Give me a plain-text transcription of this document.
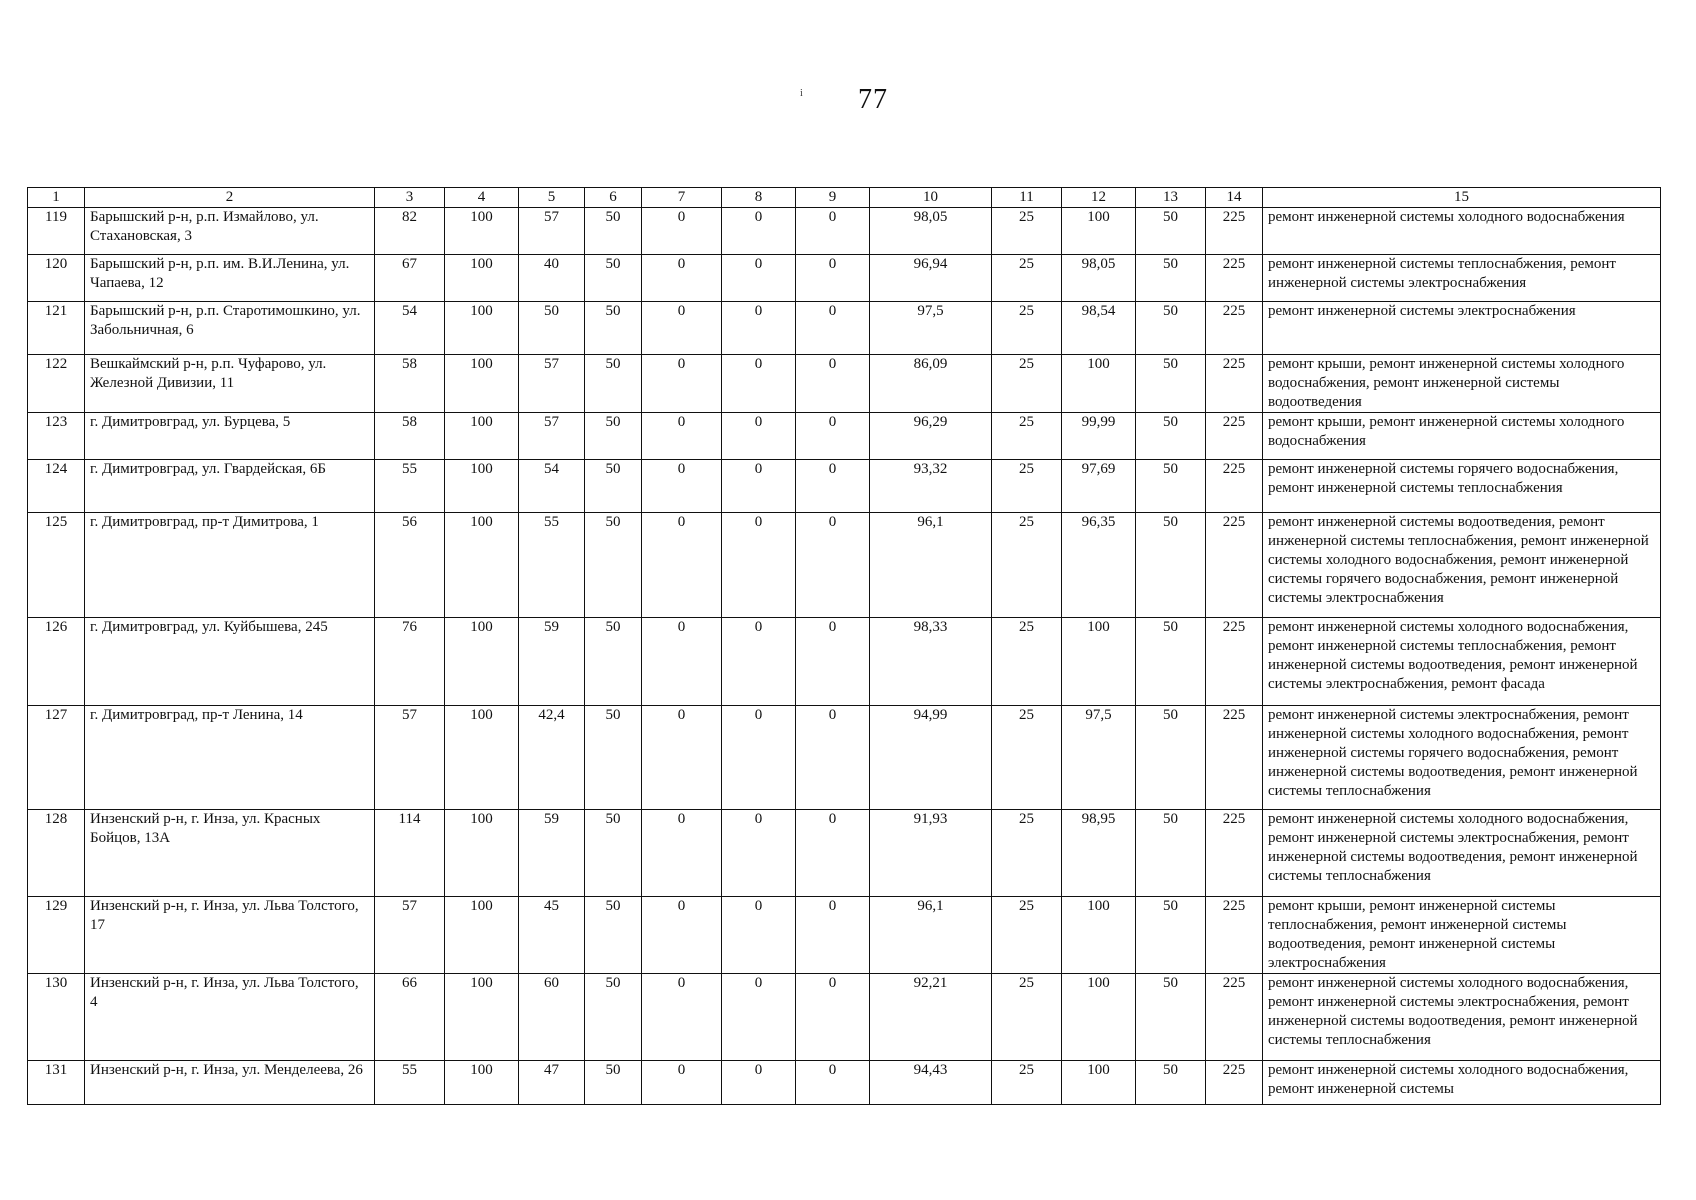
77
і
1	2	3	4	5	6	7	8	9	10	11	12	13	14	15
119	Барышский р-н, р.п. Измайлово, ул. Стахановская, 3	82	100	57	50	0	0	0	98,05	25	100	50	225	ремонт инженерной системы холодного водоснабжения
120	Барышский р-н, р.п. им. В.И.Ленина, ул. Чапаева, 12	67	100	40	50	0	0	0	96,94	25	98,05	50	225	ремонт инженерной системы теплоснабжения, ремонт инженерной системы электроснабжения
121	Барышский р-н, р.п. Старотимошкино, ул. Забольничная, 6	54	100	50	50	0	0	0	97,5	25	98,54	50	225	ремонт инженерной системы электроснабжения
122	Вешкаймский р-н, р.п. Чуфарово, ул. Железной Дивизии, 11	58	100	57	50	0	0	0	86,09	25	100	50	225	ремонт крыши, ремонт инженерной системы холодного водоснабжения, ремонт инженерной системы водоотведения
123	г. Димитровград, ул. Бурцева, 5	58	100	57	50	0	0	0	96,29	25	99,99	50	225	ремонт крыши, ремонт инженерной системы холодного водоснабжения
124	г. Димитровград, ул. Гвардейская, 6Б	55	100	54	50	0	0	0	93,32	25	97,69	50	225	ремонт инженерной системы горячего водоснабжения, ремонт инженерной системы теплоснабжения
125	г. Димитровград, пр-т Димитрова, 1	56	100	55	50	0	0	0	96,1	25	96,35	50	225	ремонт инженерной системы водоотведения, ремонт инженерной системы теплоснабжения, ремонт инженерной системы холодного водоснабжения, ремонт инженерной системы горячего водоснабжения, ремонт инженерной системы электроснабжения
126	г. Димитровград, ул. Куйбышева, 245	76	100	59	50	0	0	0	98,33	25	100	50	225	ремонт инженерной системы холодного водоснабжения, ремонт инженерной системы теплоснабжения, ремонт инженерной системы водоотведения, ремонт инженерной системы электроснабжения, ремонт фасада
127	г. Димитровград, пр-т Ленина, 14	57	100	42,4	50	0	0	0	94,99	25	97,5	50	225	ремонт инженерной системы электроснабжения, ремонт инженерной системы холодного водоснабжения, ремонт инженерной системы горячего водоснабжения, ремонт инженерной системы водоотведения, ремонт инженерной системы теплоснабжения
128	Инзенский р-н, г. Инза, ул. Красных Бойцов, 13А	114	100	59	50	0	0	0	91,93	25	98,95	50	225	ремонт инженерной системы холодного водоснабжения, ремонт инженерной системы электроснабжения, ремонт инженерной системы водоотведения, ремонт инженерной системы теплоснабжения
129	Инзенский р-н, г. Инза, ул. Льва Толстого, 17	57	100	45	50	0	0	0	96,1	25	100	50	225	ремонт крыши, ремонт инженерной системы теплоснабжения, ремонт инженерной системы водоотведения, ремонт инженерной системы электроснабжения
130	Инзенский р-н, г. Инза, ул. Льва Толстого, 4	66	100	60	50	0	0	0	92,21	25	100	50	225	ремонт инженерной системы холодного водоснабжения, ремонт инженерной системы электроснабжения, ремонт инженерной системы водоотведения, ремонт инженерной системы теплоснабжения
131	Инзенский р-н, г. Инза, ул. Менделеева, 26	55	100	47	50	0	0	0	94,43	25	100	50	225	ремонт инженерной системы холодного водоснабжения, ремонт инженерной системы
